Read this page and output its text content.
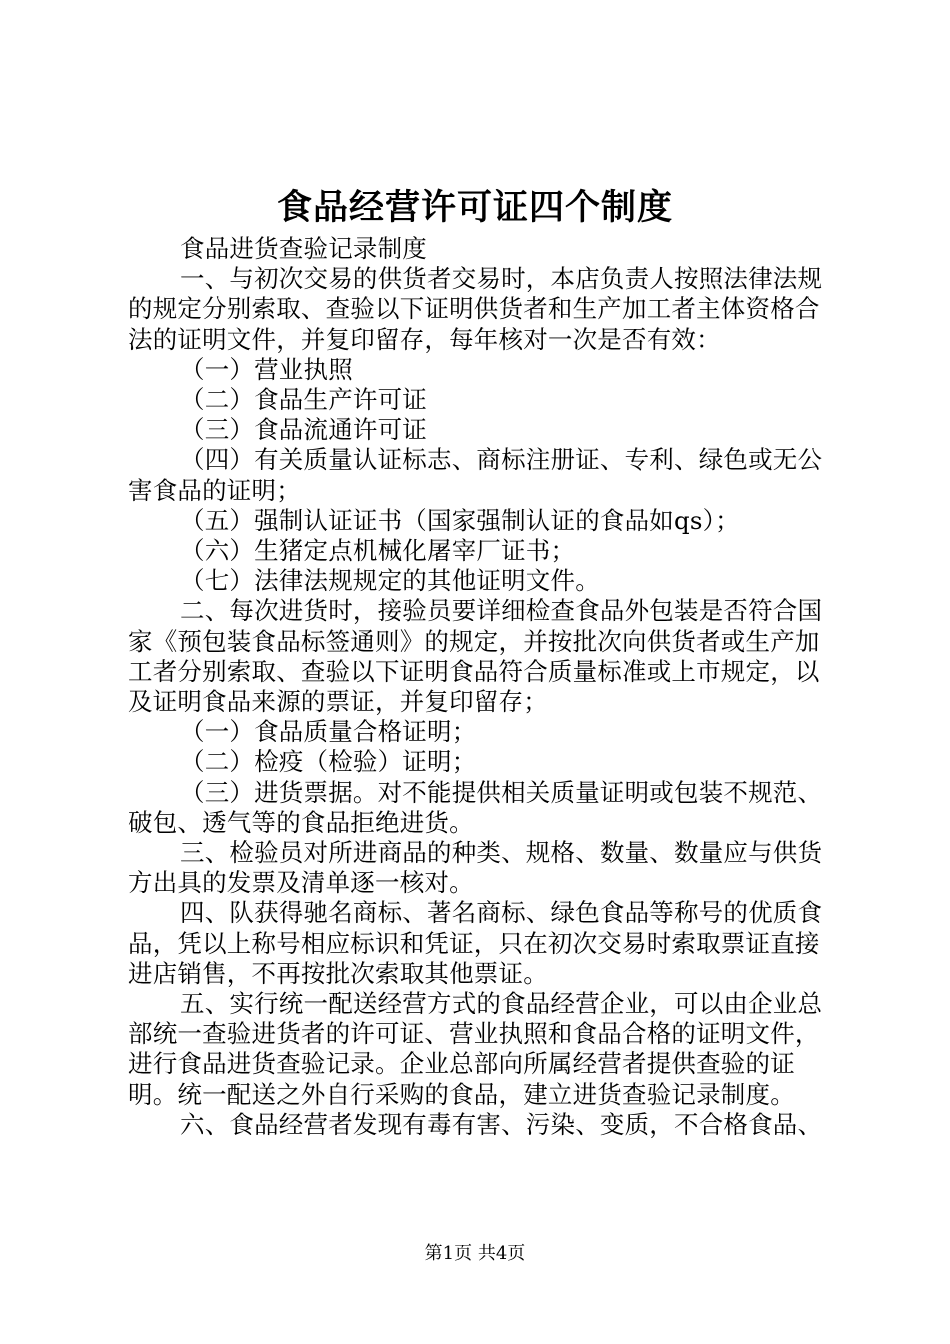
食品经营许可证四个制度

食品进货查验记录制度

一、与初次交易的供货者交易时，本店负责人按照法律法规的规定分别索取、查验以下证明供货者和生产加工者主体资格合法的证明文件，并复印留存，每年核对一次是否有效：

（一）营业执照

（二）食品生产许可证

（三）食品流通许可证

（四）有关质量认证标志、商标注册证、专利、绿色或无公害食品的证明；

（五）强制认证证书（国家强制认证的食品如qs）；

（六）生猪定点机械化屠宰厂证书；

（七）法律法规规定的其他证明文件。

二、每次进货时，接验员要详细检查食品外包装是否符合国家《预包装食品标签通则》的规定，并按批次向供货者或生产加工者分别索取、查验以下证明食品符合质量标准或上市规定，以及证明食品来源的票证，并复印留存；

（一）食品质量合格证明；

（二）检疫（检验）证明；

（三）进货票据。对不能提供相关质量证明或包装不规范、破包、透气等的食品拒绝进货。

三、检验员对所进商品的种类、规格、数量、数量应与供货方出具的发票及清单逐一核对。

四、队获得驰名商标、著名商标、绿色食品等称号的优质食品，凭以上称号相应标识和凭证，只在初次交易时索取票证直接进店销售，不再按批次索取其他票证。

五、实行统一配送经营方式的食品经营企业，可以由企业总部统一查验进货者的许可证、营业执照和食品合格的证明文件，进行食品进货查验记录。企业总部向所属经营者提供查验的证明。统一配送之外自行采购的食品，建立进货查验记录制度。

六、食品经营者发现有毒有害、污染、变质，不合格食品、

第1页 共4页
